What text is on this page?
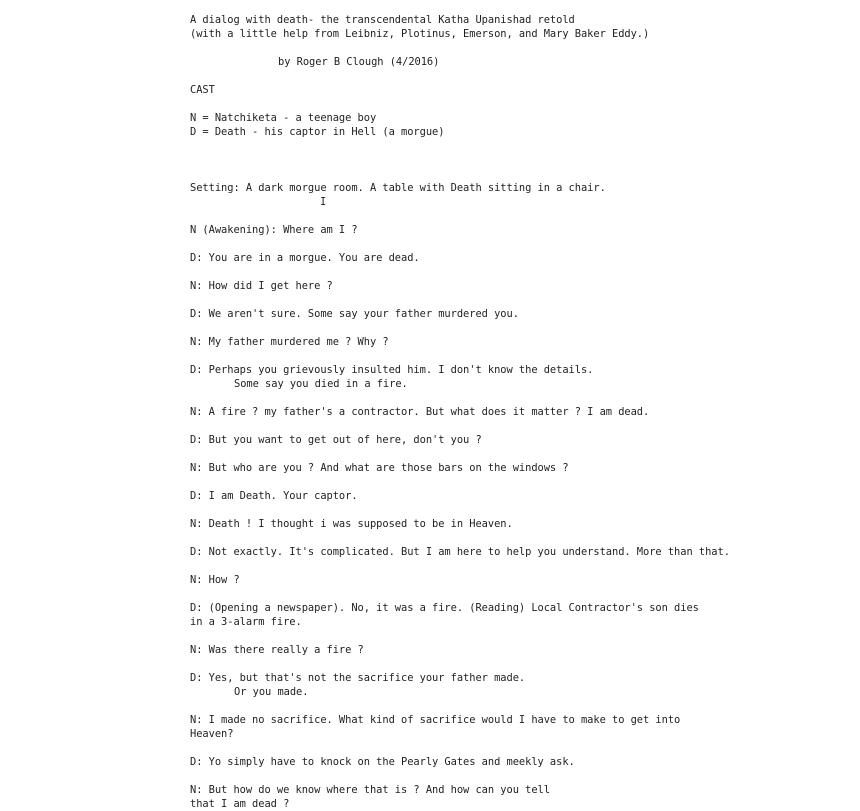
A dialog with death- the transcendental Katha Upanishad retold
(with a little help from Leibniz, Plotinus, Emerson, and Mary Baker Eddy.)
by Roger B Clough (4/2016)
CAST
N = Natchiketa - a teenage boy
D = Death - his captor in Hell (a morgue)
Setting: A dark morgue room. A table with Death sitting in a chair.
I
N (Awakening): Where am I ?
D: You are in a morgue. You are dead.
N: How did I get here ?
D: We aren't sure. Some say your father murdered you.
N: My father murdered me ? Why ?
D: Perhaps you grievously insulted him. I don't know the details.
Some say you died in a fire.
N: A fire ? my father's a contractor. But what does it matter ? I am dead.
D: But you want to get out of here, don't you ?
N: But who are you ? And what are those bars on the windows ?
D: I am Death. Your captor.
N: Death ! I thought i was supposed to be in Heaven.
D: Not exactly. It's complicated. But I am here to help you understand. More than that.
N: How ?
D: (Opening a newspaper). No, it was a fire. (Reading) Local Contractor's son dies
in a 3-alarm fire.
N: Was there really a fire ?
D: Yes, but that's not the sacrifice your father made.
Or you made.
N: I made no sacrifice. What kind of sacrifice would I have to make to get into
Heaven?
D: Yo simply have to knock on the Pearly Gates and meekly ask.
N: But how do we know where that is ? And how can you tell
that I am dead ?
